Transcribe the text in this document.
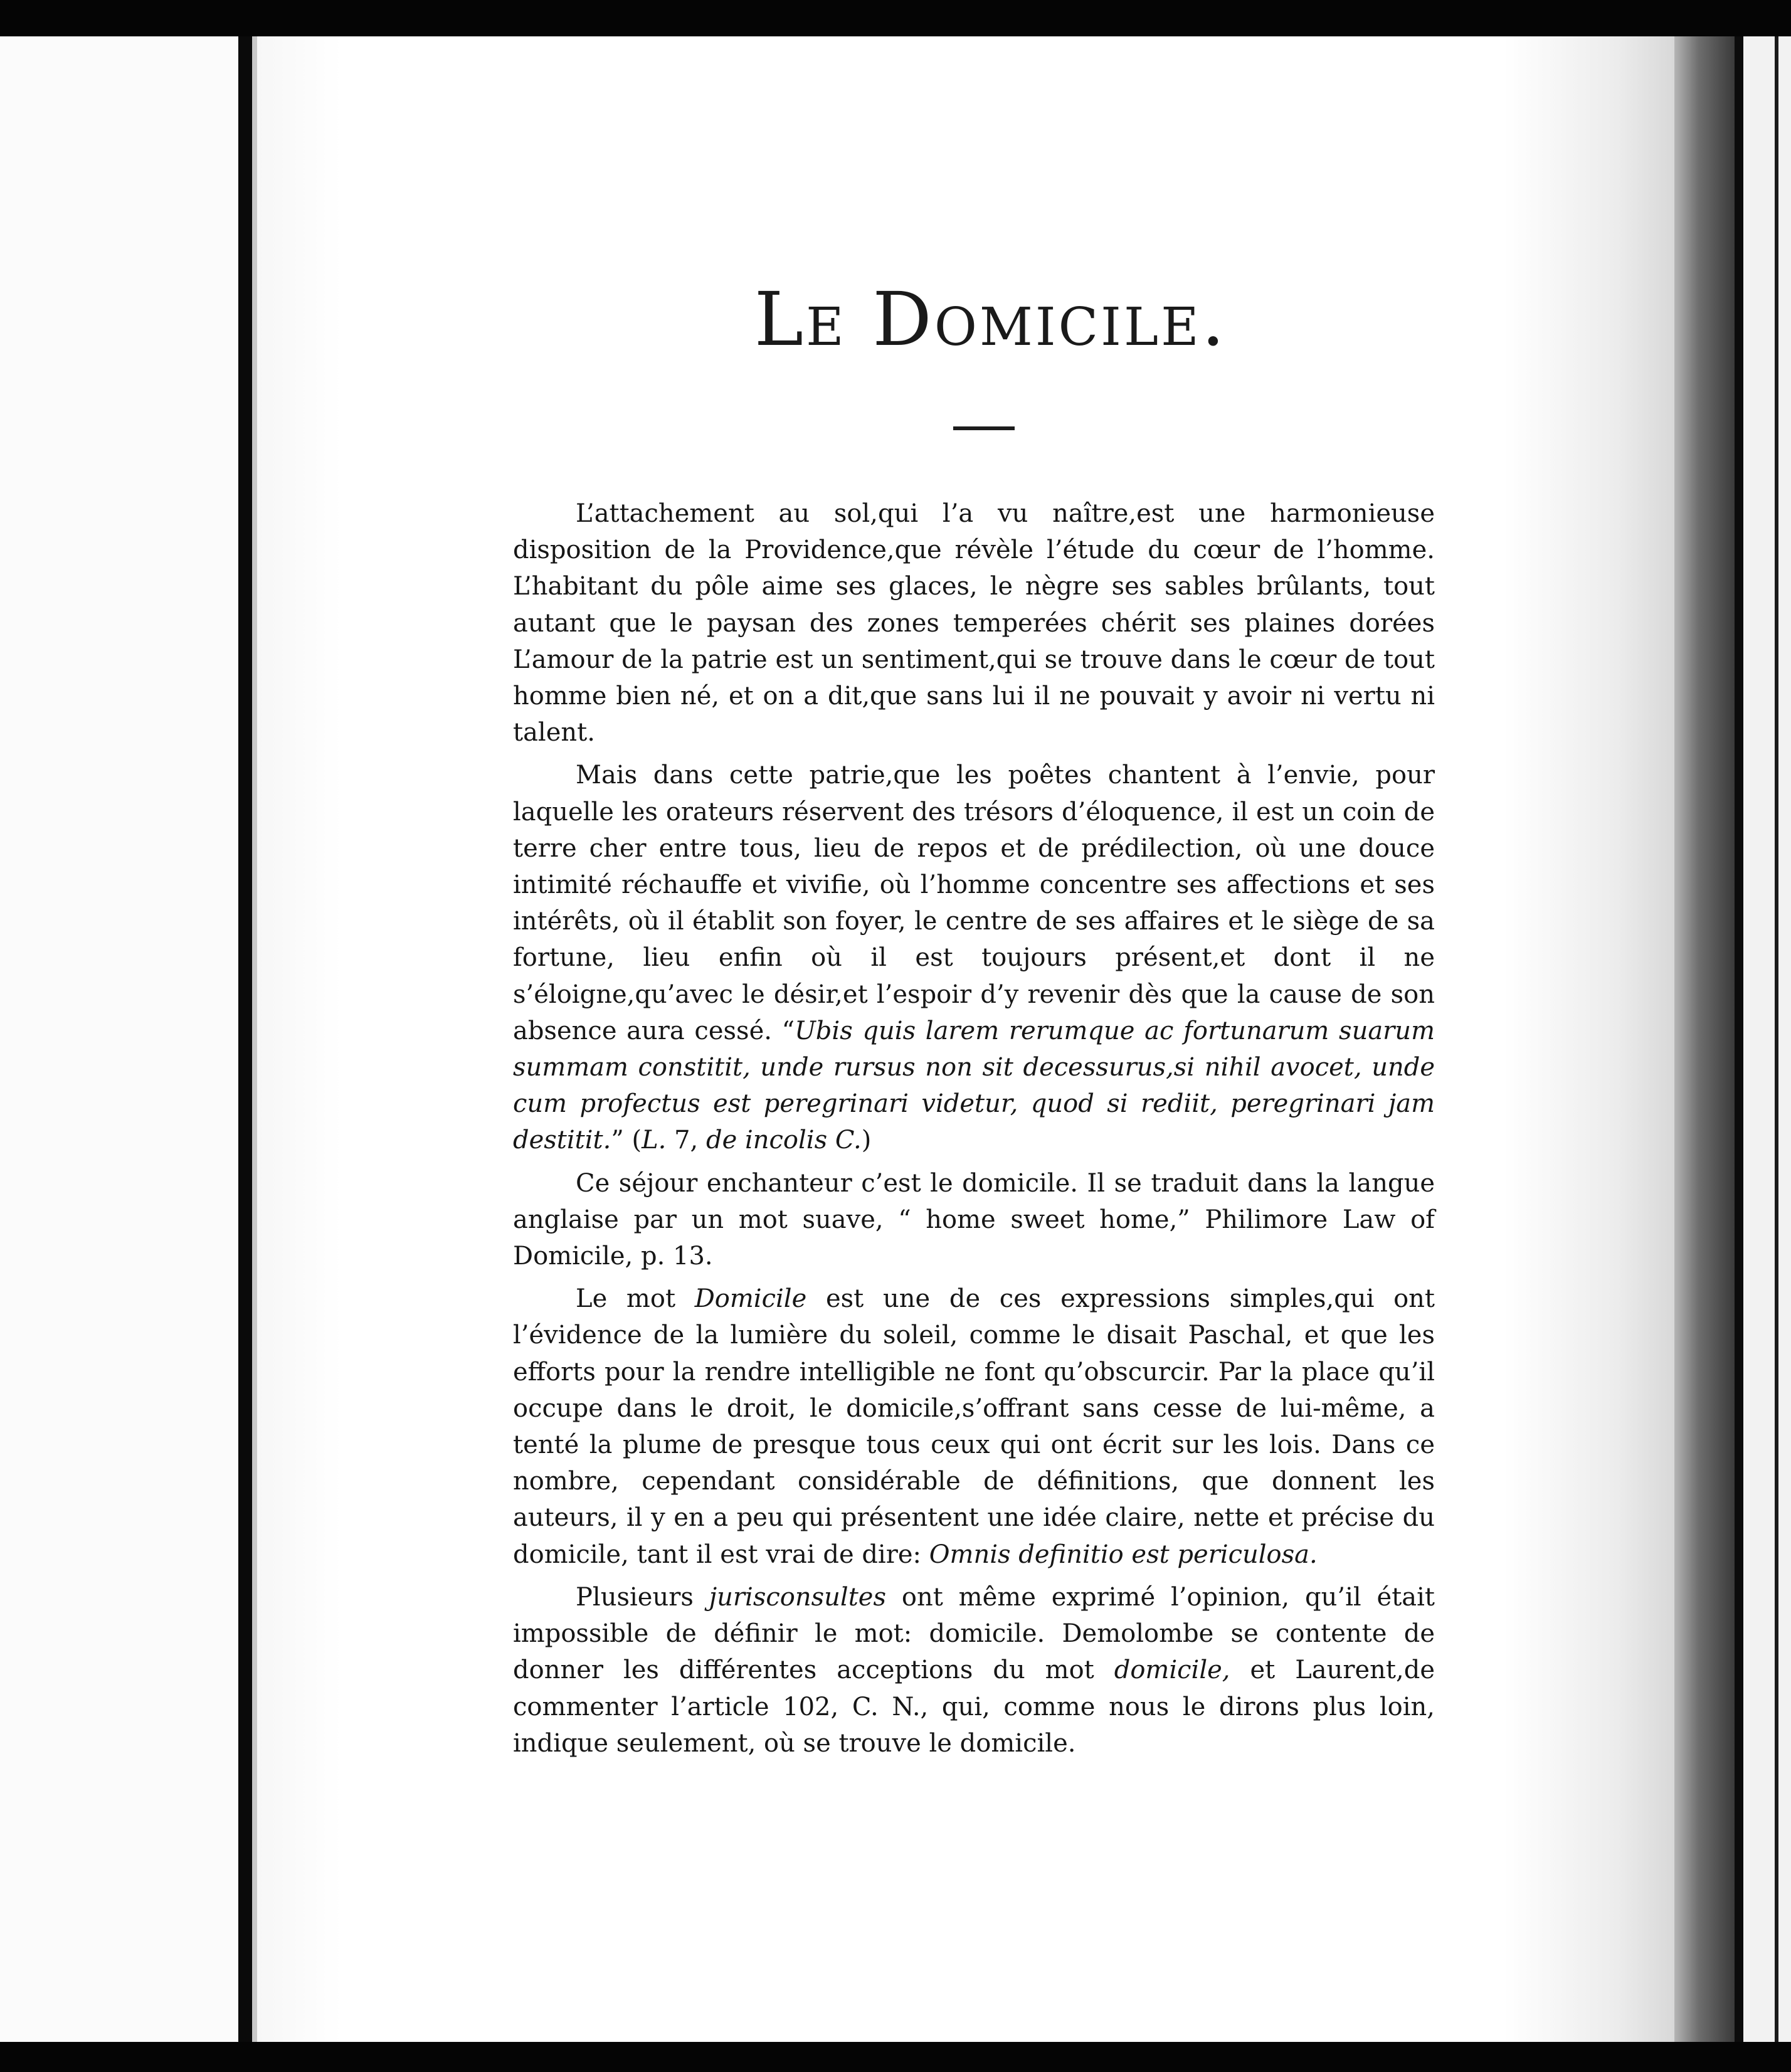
Le Domicile.

L’attachement au sol,qui l’a vu naître,est une harmonieuse disposition de la Providence,que révèle l’étude du cœur de l’homme. L’habitant du pôle aime ses glaces, le nègre ses sables brûlants, tout autant que le paysan des zones temperées chérit ses plaines dorées L’amour de la patrie est un sentiment,qui se trouve dans le cœur de tout homme bien né, et on a dit,que sans lui il ne pouvait y avoir ni vertu ni talent.

Mais dans cette patrie,que les poêtes chantent à l’envie, pour laquelle les orateurs réservent des trésors d’éloquence, il est un coin de terre cher entre tous, lieu de repos et de prédilection, où une douce intimité réchauffe et vivifie, où l’homme concentre ses affections et ses intérêts, où il établit son foyer, le centre de ses affaires et le siège de sa fortune, lieu enfin où il est toujours présent,et dont il ne s’éloigne,qu’avec le désir,et l’espoir d’y revenir dès que la cause de son absence aura cessé. “Ubis quis larem rerumque ac fortunarum suarum summam constitit, unde rursus non sit decessurus,si nihil avocet, unde cum profectus est peregrinari videtur, quod si rediit, peregrinari jam destitit.” (L. 7, de incolis C.)

Ce séjour enchanteur c’est le domicile. Il se traduit dans la langue anglaise par un mot suave, “ home sweet home,” Philimore Law of Domicile, p. 13.

Le mot Domicile est une de ces expressions simples,qui ont l’évidence de la lumière du soleil, comme le disait Paschal, et que les efforts pour la rendre intelligible ne font qu’obscurcir. Par la place qu’il occupe dans le droit, le domicile,s’offrant sans cesse de lui-même, a tenté la plume de presque tous ceux qui ont écrit sur les lois. Dans ce nombre, cependant considérable de définitions, que donnent les auteurs, il y en a peu qui présentent une idée claire, nette et précise du domicile, tant il est vrai de dire: Omnis definitio est periculosa.

Plusieurs jurisconsultes ont même exprimé l’opinion, qu’il était impossible de définir le mot: domicile. Demolombe se contente de donner les différentes acceptions du mot domicile, et Laurent,de commenter l’article 102, C. N., qui, comme nous le dirons plus loin, indique seulement, où se trouve le domicile.
